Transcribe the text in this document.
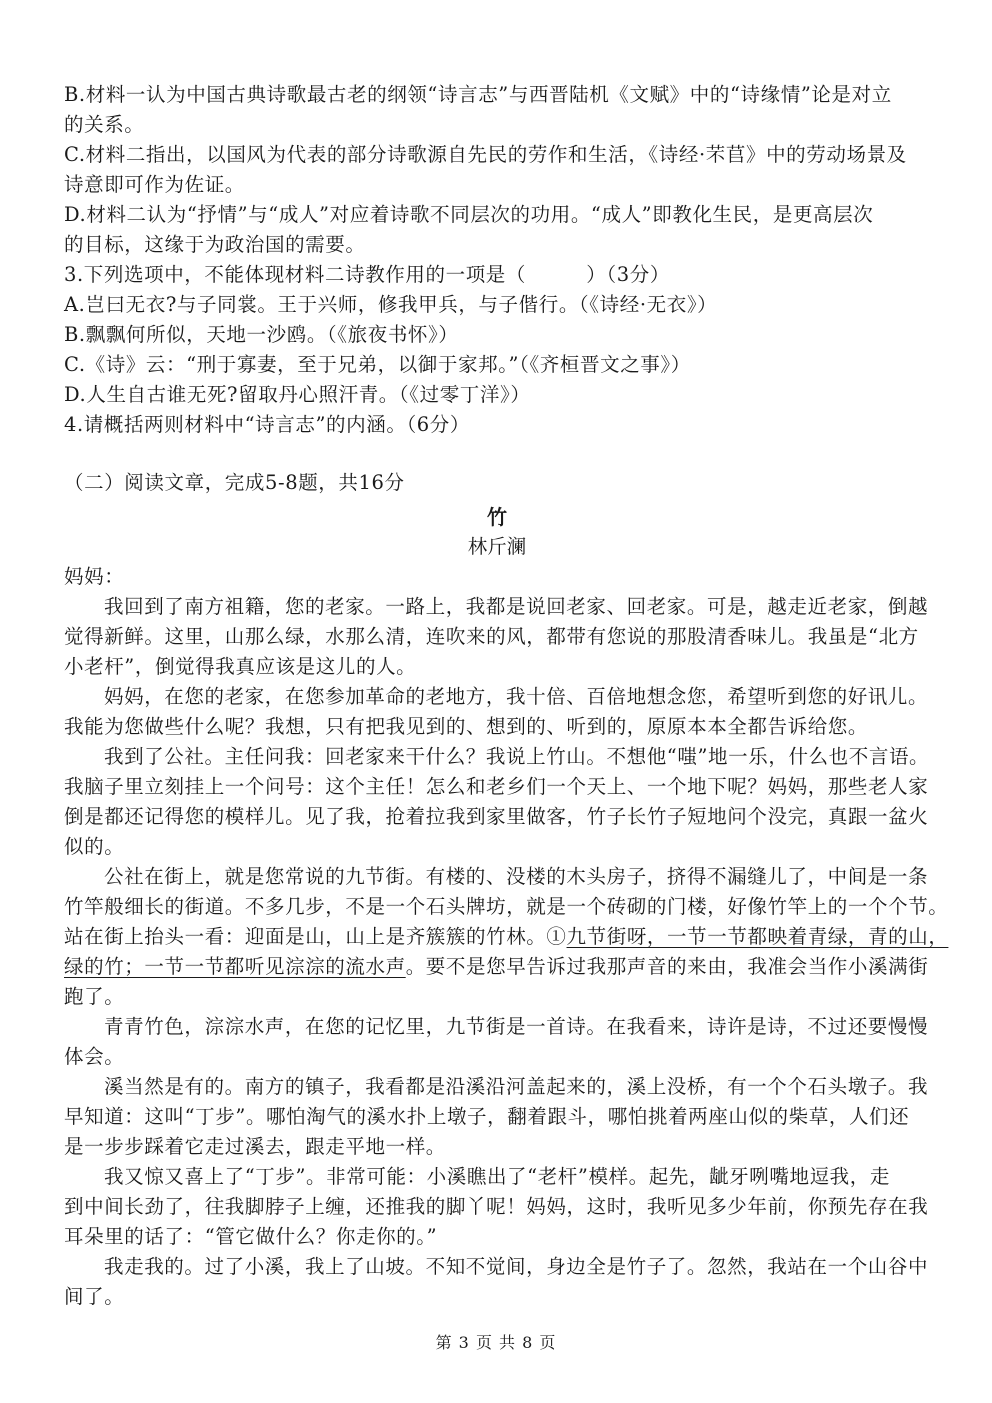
B.材料一认为中国古典诗歌最古老的纲领“诗言志”与西晋陆机《文赋》中的“诗缘情”论是对立
的关系。
C.材料二指出，以国风为代表的部分诗歌源自先民的劳作和生活，《诗经·芣苢》中的劳动场景及
诗意即可作为佐证。
D.材料二认为“抒情”与“成人”对应着诗歌不同层次的功用。“成人”即教化生民，是更高层次
的目标，这缘于为政治国的需要。
3.下列选项中，不能体现材料二诗教作用的一项是（　　　）（3分）
A.岂曰无衣?与子同裳。王于兴师，修我甲兵，与子偕行。（《诗经·无衣》）
B.飘飘何所似，天地一沙鸥。（《旅夜书怀》）
C.《诗》云：“刑于寡妻，至于兄弟，以御于家邦。”（《齐桓晋文之事》）
D.人生自古谁无死?留取丹心照汗青。（《过零丁洋》）
4.请概括两则材料中“诗言志”的内涵。（6分）
（二）阅读文章，完成5-8题，共16分
竹
林斤澜
妈妈：
我回到了南方祖籍，您的老家。一路上，我都是说回老家、回老家。可是，越走近老家，倒越
觉得新鲜。这里，山那么绿，水那么清，连吹来的风，都带有您说的那股清香味儿。我虽是“北方
小老杆”，倒觉得我真应该是这儿的人。
妈妈，在您的老家，在您参加革命的老地方，我十倍、百倍地想念您，希望听到您的好讯儿。
我能为您做些什么呢？我想，只有把我见到的、想到的、听到的，原原本本全都告诉给您。
我到了公社。主任问我：回老家来干什么？我说上竹山。不想他“嗤”地一乐，什么也不言语。
我脑子里立刻挂上一个问号：这个主任！怎么和老乡们一个天上、一个地下呢？妈妈，那些老人家
倒是都还记得您的模样儿。见了我，抢着拉我到家里做客，竹子长竹子短地问个没完，真跟一盆火
似的。
公社在街上，就是您常说的九节街。有楼的、没楼的木头房子，挤得不漏缝儿了，中间是一条
竹竿般细长的街道。不多几步，不是一个石头牌坊，就是一个砖砌的门楼，好像竹竿上的一个个节。
站在街上抬头一看：迎面是山，山上是齐簇簇的竹林。①九节街呀，一节一节都映着青绿，青的山，
绿的竹；一节一节都听见淙淙的流水声。要不是您早告诉过我那声音的来由，我准会当作小溪满街
跑了。
青青竹色，淙淙水声，在您的记忆里，九节街是一首诗。在我看来，诗许是诗，不过还要慢慢
体会。
溪当然是有的。南方的镇子，我看都是沿溪沿河盖起来的，溪上没桥，有一个个石头墩子。我
早知道：这叫“丁步”。哪怕淘气的溪水扑上墩子，翻着跟斗，哪怕挑着两座山似的柴草，人们还
是一步步踩着它走过溪去，跟走平地一样。
我又惊又喜上了“丁步”。非常可能：小溪瞧出了“老杆”模样。起先，龇牙咧嘴地逗我，走
到中间长劲了，往我脚脖子上缠，还推我的脚丫呢！妈妈，这时，我听见多少年前，你预先存在我
耳朵里的话了：“管它做什么？你走你的。”
我走我的。过了小溪，我上了山坡。不知不觉间，身边全是竹子了。忽然，我站在一个山谷中
间了。
第 3 页 共 8 页
